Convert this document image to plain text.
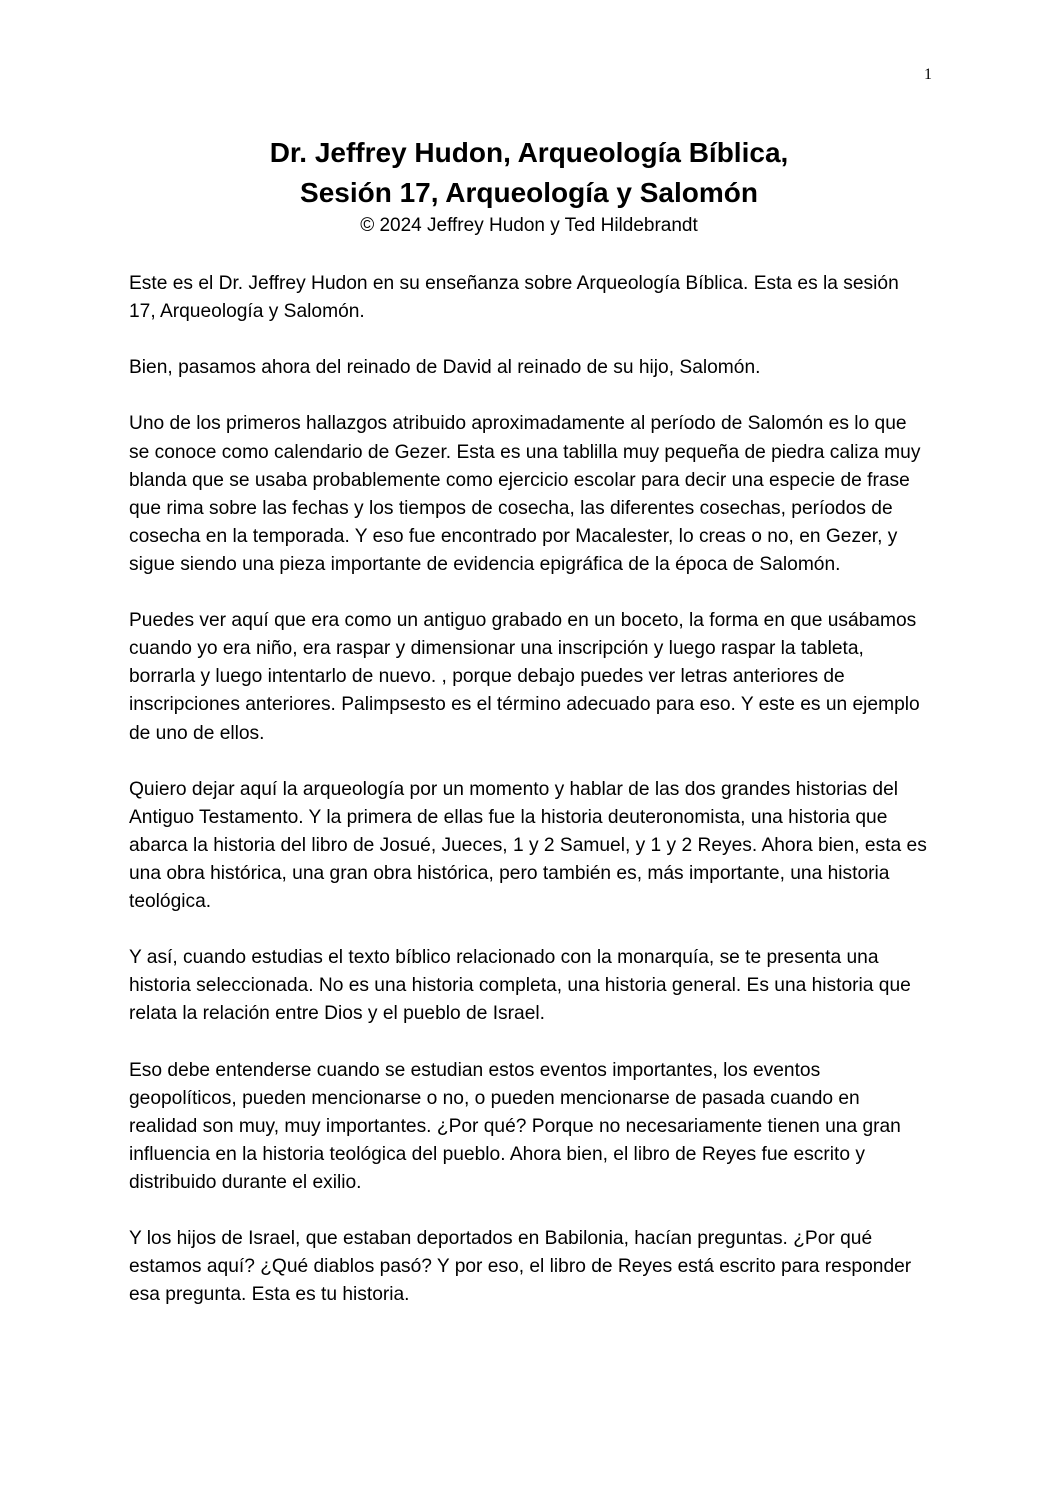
1
Dr. Jeffrey Hudon, Arqueología Bíblica,
Sesión 17, Arqueología y Salomón
© 2024 Jeffrey Hudon y Ted Hildebrandt

Este es el Dr. Jeffrey Hudon en su enseñanza sobre Arqueología Bíblica. Esta es la sesión 17, Arqueología y Salomón.

Bien, pasamos ahora del reinado de David al reinado de su hijo, Salomón.

Uno de los primeros hallazgos atribuido aproximadamente al período de Salomón es lo que se conoce como calendario de Gezer. Esta es una tablilla muy pequeña de piedra caliza muy blanda que se usaba probablemente como ejercicio escolar para decir una especie de frase que rima sobre las fechas y los tiempos de cosecha, las diferentes cosechas, períodos de cosecha en la temporada. Y eso fue encontrado por Macalester, lo creas o no, en Gezer, y sigue siendo una pieza importante de evidencia epigráfica de la época de Salomón.

Puedes ver aquí que era como un antiguo grabado en un boceto, la forma en que usábamos cuando yo era niño, era raspar y dimensionar una inscripción y luego raspar la tableta, borrarla y luego intentarlo de nuevo. , porque debajo puedes ver letras anteriores de inscripciones anteriores. Palimpsesto es el término adecuado para eso. Y este es un ejemplo de uno de ellos.

Quiero dejar aquí la arqueología por un momento y hablar de las dos grandes historias del Antiguo Testamento. Y la primera de ellas fue la historia deuteronomista, una historia que abarca la historia del libro de Josué, Jueces, 1 y 2 Samuel, y 1 y 2 Reyes. Ahora bien, esta es una obra histórica, una gran obra histórica, pero también es, más importante, una historia teológica.

Y así, cuando estudias el texto bíblico relacionado con la monarquía, se te presenta una historia seleccionada. No es una historia completa, una historia general. Es una historia que relata la relación entre Dios y el pueblo de Israel.

Eso debe entenderse cuando se estudian estos eventos importantes, los eventos geopolíticos, pueden mencionarse o no, o pueden mencionarse de pasada cuando en realidad son muy, muy importantes. ¿Por qué? Porque no necesariamente tienen una gran influencia en la historia teológica del pueblo. Ahora bien, el libro de Reyes fue escrito y distribuido durante el exilio.

Y los hijos de Israel, que estaban deportados en Babilonia, hacían preguntas. ¿Por qué estamos aquí? ¿Qué diablos pasó? Y por eso, el libro de Reyes está escrito para responder esa pregunta. Esta es tu historia.
